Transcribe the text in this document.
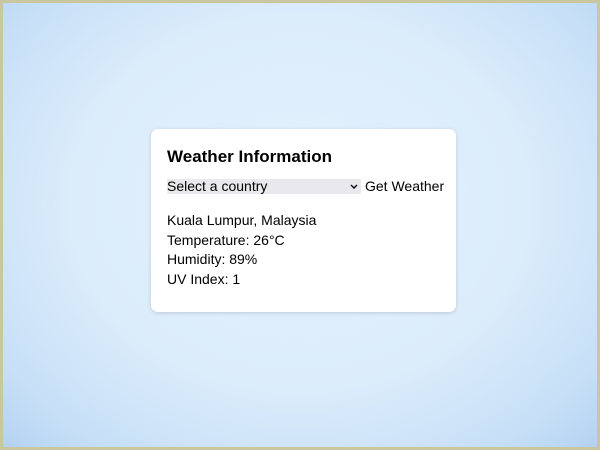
Weather Information
Select a country	Get Weather
Kuala Lumpur, Malaysia
Temperature: 26°C
Humidity: 89%
UV Index: 1
